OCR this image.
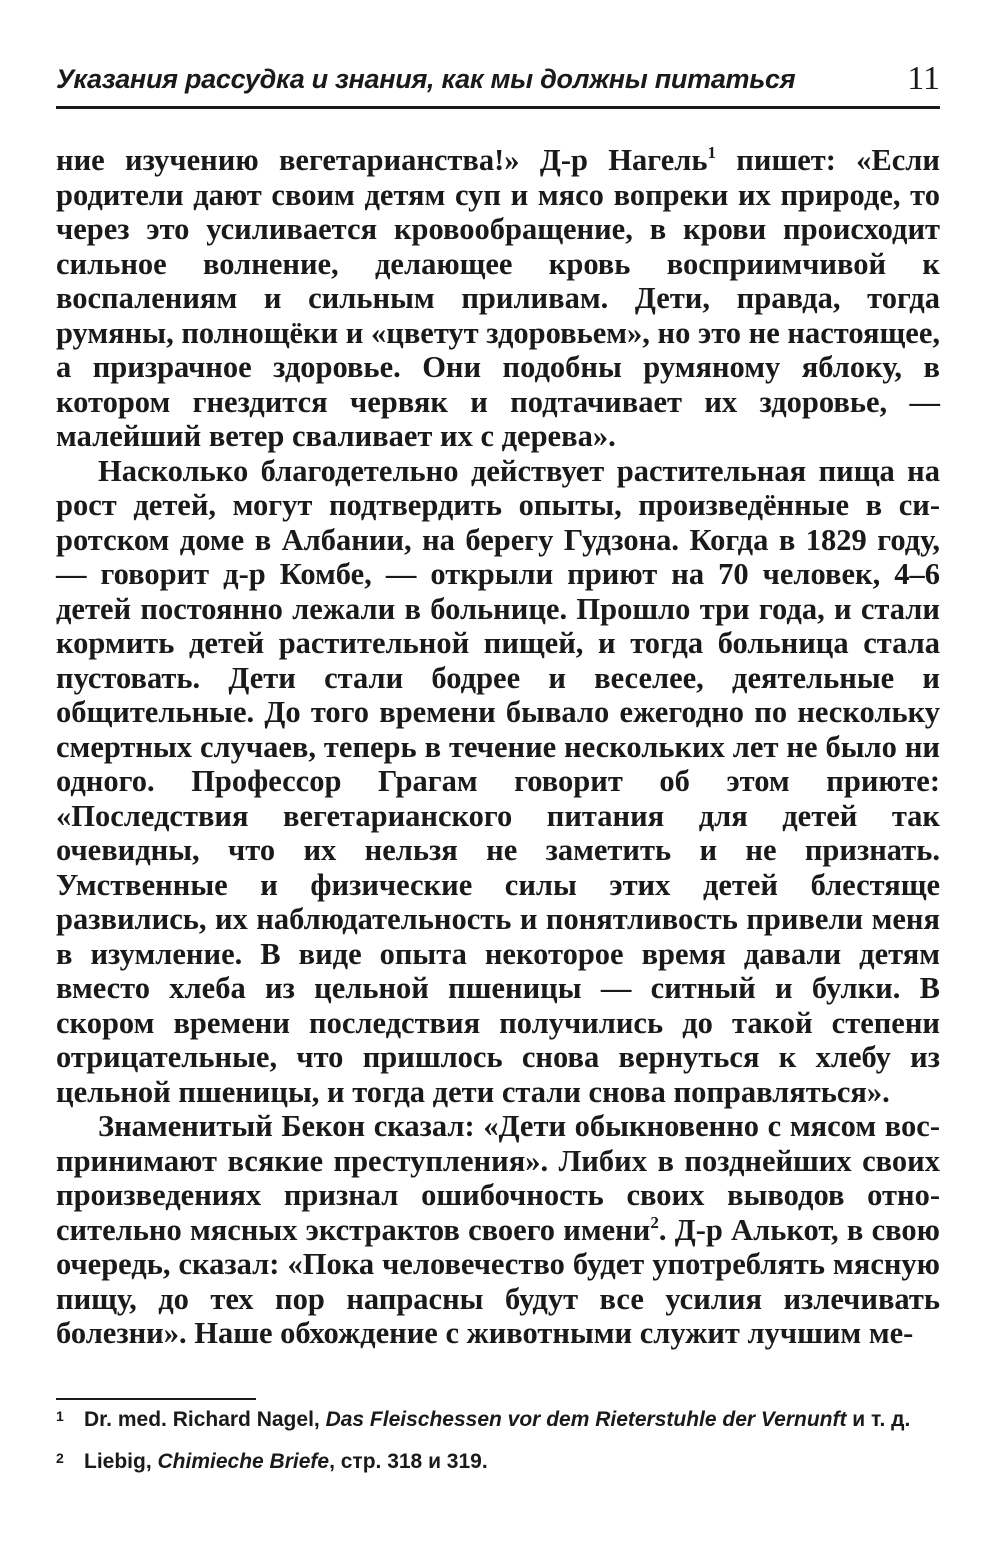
Указания рассудка и знания, как мы должны питаться	11

ние изучению вегетарианства!» Д-р Нагель$^1$ пишет: «Если родители дают своим детям суп и мясо вопреки их природе, то через это усиливается кровообращение, в крови происходит сильное волнение, делающее кровь восприимчивой к воспалениям и сильным приливам. Дети, правда, тогда румяны, полнощёки и «цветут здоровьем», но это не настоящее, а призрачное здоровье. Они подобны румяному яблоку, в котором гнездится червяк и подтачивает их здоровье, — малейший ветер сваливает их с дерева».

Насколько благодетельно действует растительная пища на рост детей, могут подтвердить опыты, произведённые в сиротском доме в Албании, на берегу Гудзона. Когда в 1829 году, — говорит д-р Комбе, — открыли приют на 70 человек, 4–6 детей постоянно лежали в больнице. Прошло три года, и стали кормить детей растительной пищей, и тогда больница стала пустовать. Дети стали бодрее и веселее, деятельные и общительные. До того времени бывало ежегодно по нескольку смертных случаев, теперь в течение нескольких лет не было ни одного. Профессор Грагам говорит об этом приюте: «Последствия вегетарианского питания для детей так очевидны, что их нельзя не заметить и не признать. Умственные и физические силы этих детей блестяще развились, их наблюдательность и понятливость привели меня в изумление. В виде опыта некоторое время давали детям вместо хлеба из цельной пшеницы — ситный и булки. В скором времени последствия получились до такой степени отрицательные, что пришлось снова вернуться к хлебу из цельной пшеницы, и тогда дети стали снова поправляться».

Знаменитый Бекон сказал: «Дети обыкновенно с мясом воспринимают всякие преступления». Либих в позднейших своих произведениях признал ошибочность своих выводов относительно мясных экстрактов своего имени$^2$. Д-р Алькот, в свою очередь, сказал: «Пока человечество будет употреблять мясную пищу, до тех пор напрасны будут все усилия излечивать болезни». Наше обхождение с животными служит лучшим ме-

1 Dr. med. Richard Nagel, Das Fleischessen vor dem Rieterstuhle der Vernunft и т. д.
2 Liebig, Chimieche Briefe, стр. 318 и 319.
